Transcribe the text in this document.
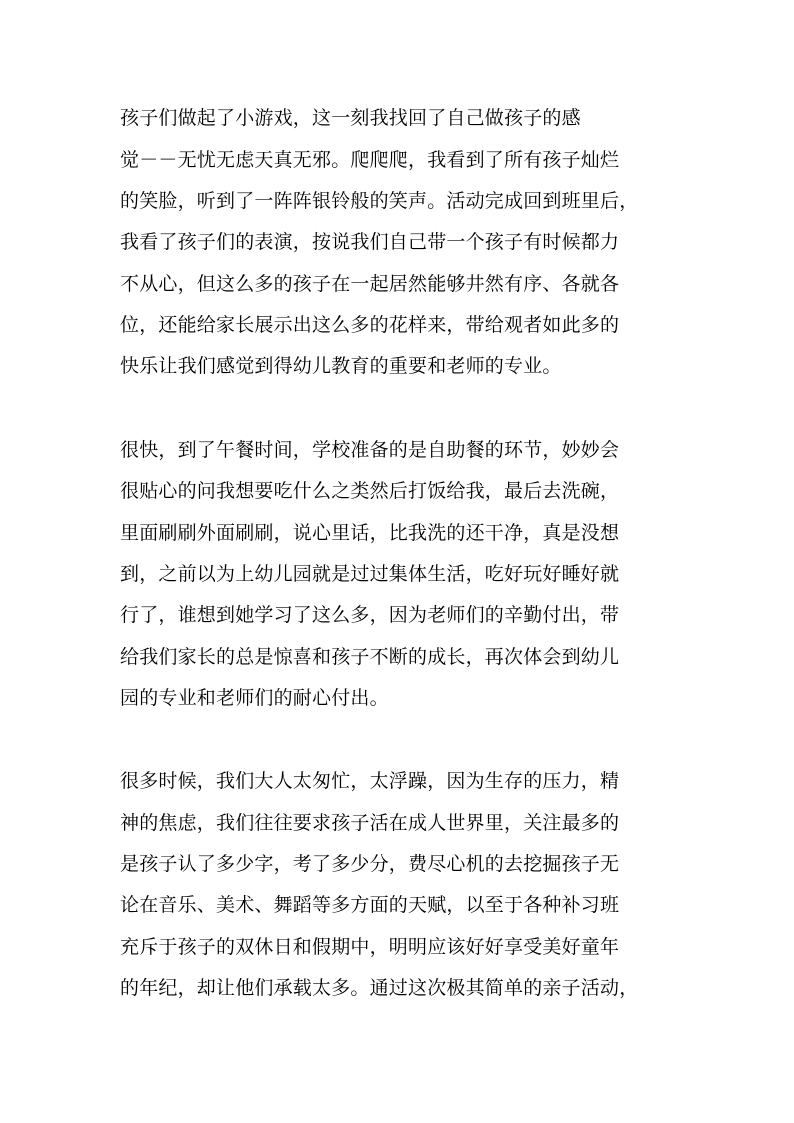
孩子们做起了小游戏，这一刻我找回了自己做孩子的感
觉－－无忧无虑天真无邪。爬爬爬，我看到了所有孩子灿烂
的笑脸，听到了一阵阵银铃般的笑声。活动完成回到班里后，
我看了孩子们的表演，按说我们自己带一个孩子有时候都力
不从心，但这么多的孩子在一起居然能够井然有序、各就各
位，还能给家长展示出这么多的花样来，带给观者如此多的
快乐让我们感觉到得幼儿教育的重要和老师的专业。
很快，到了午餐时间，学校准备的是自助餐的环节，妙妙会
很贴心的问我想要吃什么之类然后打饭给我，最后去洗碗，
里面刷刷外面刷刷，说心里话，比我洗的还干净，真是没想
到，之前以为上幼儿园就是过过集体生活，吃好玩好睡好就
行了，谁想到她学习了这么多，因为老师们的辛勤付出，带
给我们家长的总是惊喜和孩子不断的成长，再次体会到幼儿
园的专业和老师们的耐心付出。
很多时候，我们大人太匆忙，太浮躁，因为生存的压力，精
神的焦虑，我们往往要求孩子活在成人世界里，关注最多的
是孩子认了多少字，考了多少分，费尽心机的去挖掘孩子无
论在音乐、美术、舞蹈等多方面的天赋，以至于各种补习班
充斥于孩子的双休日和假期中，明明应该好好享受美好童年
的年纪，却让他们承载太多。通过这次极其简单的亲子活动，
